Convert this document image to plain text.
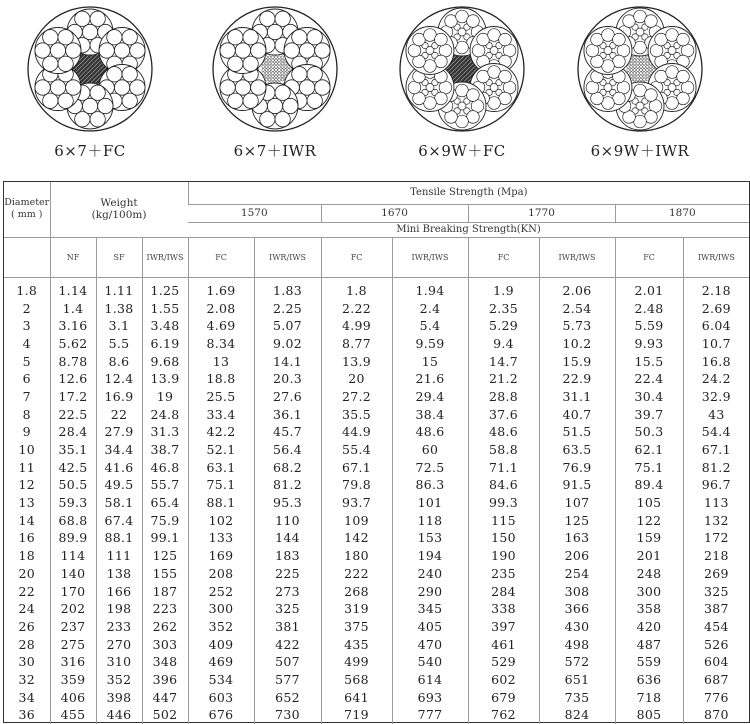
6×7＋FC	6×7＋IWR	6×9W＋FC	6×9W＋IWR
Diameter
( mm )	Weight
(kg/100m)			Tensile Strength (Mpa)							
				1570		1670		1770		1870	
				Mini Breaking Strength(KN)							
	NF	SF	IWR/IWS	FC	IWR/IWS	FC	IWR/IWS	FC	IWR/IWS	FC	IWR/IWS
1.8	1.14	1.11	1.25	1.69	1.83	1.8	1.94	1.9	2.06	2.01	2.18
2	1.4	1.38	1.55	2.08	2.25	2.22	2.4	2.35	2.54	2.48	2.69
3	3.16	3.1	3.48	4.69	5.07	4.99	5.4	5.29	5.73	5.59	6.04
4	5.62	5.5	6.19	8.34	9.02	8.77	9.59	9.4	10.2	9.93	10.7
5	8.78	8.6	9.68	13	14.1	13.9	15	14.7	15.9	15.5	16.8
6	12.6	12.4	13.9	18.8	20.3	20	21.6	21.2	22.9	22.4	24.2
7	17.2	16.9	19	25.5	27.6	27.2	29.4	28.8	31.1	30.4	32.9
8	22.5	22	24.8	33.4	36.1	35.5	38.4	37.6	40.7	39.7	43
9	28.4	27.9	31.3	42.2	45.7	44.9	48.6	48.6	51.5	50.3	54.4
10	35.1	34.4	38.7	52.1	56.4	55.4	60	58.8	63.5	62.1	67.1
11	42.5	41.6	46.8	63.1	68.2	67.1	72.5	71.1	76.9	75.1	81.2
12	50.5	49.5	55.7	75.1	81.2	79.8	86.3	84.6	91.5	89.4	96.7
13	59.3	58.1	65.4	88.1	95.3	93.7	101	99.3	107	105	113
14	68.8	67.4	75.9	102	110	109	118	115	125	122	132
16	89.9	88.1	99.1	133	144	142	153	150	163	159	172
18	114	111	125	169	183	180	194	190	206	201	218
20	140	138	155	208	225	222	240	235	254	248	269
22	170	166	187	252	273	268	290	284	308	300	325
24	202	198	223	300	325	319	345	338	366	358	387
26	237	233	262	352	381	375	405	397	430	420	454
28	275	270	303	409	422	435	470	461	498	487	526
30	316	310	348	469	507	499	540	529	572	559	604
32	359	352	396	534	577	568	614	602	651	636	687
34	406	398	447	603	652	641	693	679	735	718	776
36	455	446	502	676	730	719	777	762	824	805	870
